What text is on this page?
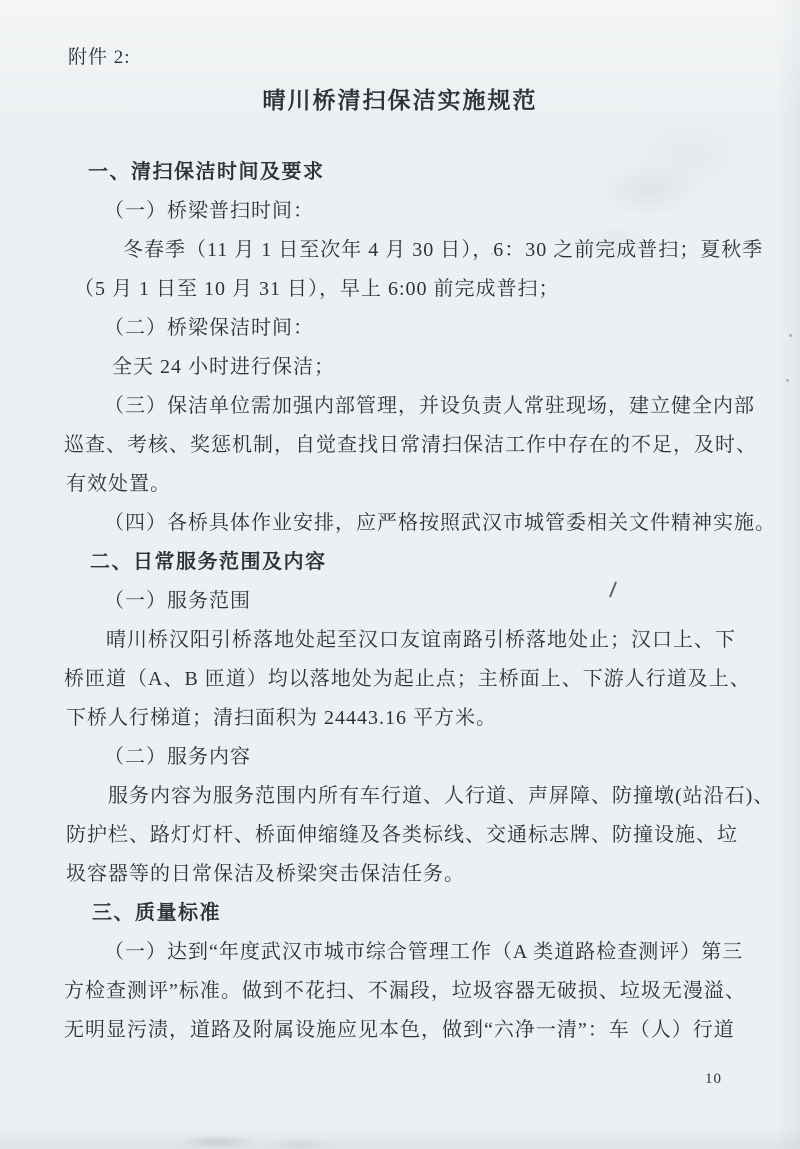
附件 2:
晴川桥清扫保洁实施规范
一、清扫保洁时间及要求
（一）桥梁普扫时间：
冬春季（11 月 1 日至次年 4 月 30 日），6：30 之前完成普扫；夏秋季
（5 月 1 日至 10 月 31 日），早上 6:00 前完成普扫；
（二）桥梁保洁时间：
全天 24 小时进行保洁；
（三）保洁单位需加强内部管理，并设负责人常驻现场，建立健全内部
巡查、考核、奖惩机制，自觉查找日常清扫保洁工作中存在的不足，及时、
有效处置。
（四）各桥具体作业安排，应严格按照武汉市城管委相关文件精神实施。
二、日常服务范围及内容
（一）服务范围
晴川桥汉阳引桥落地处起至汉口友谊南路引桥落地处止；汉口上、下
桥匝道（A、B 匝道）均以落地处为起止点；主桥面上、下游人行道及上、
下桥人行梯道；清扫面积为 24443.16 平方米。
（二）服务内容
服务内容为服务范围内所有车行道、人行道、声屏障、防撞墩(站沿石)、
防护栏、路灯灯杆、桥面伸缩缝及各类标线、交通标志牌、防撞设施、垃
圾容器等的日常保洁及桥梁突击保洁任务。
三、质量标准
（一）达到“年度武汉市城市综合管理工作（A 类道路检查测评）第三
方检查测评”标准。做到不花扫、不漏段，垃圾容器无破损、垃圾无漫溢、
无明显污渍，道路及附属设施应见本色，做到“六净一清”：车（人）行道
10
